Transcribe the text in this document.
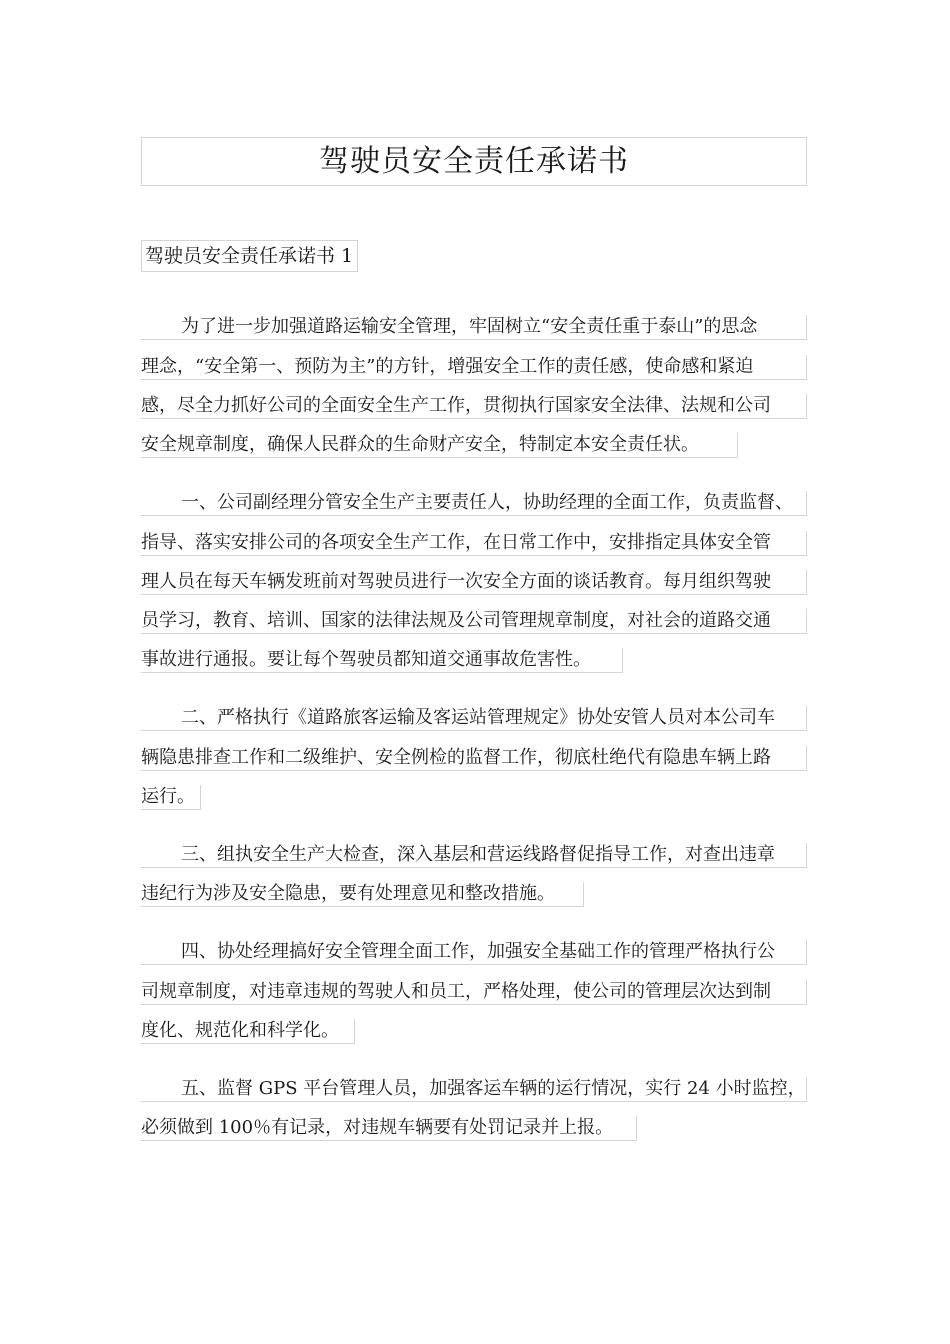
驾驶员安全责任承诺书
驾驶员安全责任承诺书 1
为了进一步加强道路运输安全管理，牢固树立“安全责任重于泰山”的思念
理念，“安全第一、预防为主”的方针，增强安全工作的责任感，使命感和紧迫
感，尽全力抓好公司的全面安全生产工作，贯彻执行国家安全法律、法规和公司
安全规章制度，确保人民群众的生命财产安全，特制定本安全责任状。
一、公司副经理分管安全生产主要责任人，协助经理的全面工作，负责监督、
指导、落实安排公司的各项安全生产工作，在日常工作中，安排指定具体安全管
理人员在每天车辆发班前对驾驶员进行一次安全方面的谈话教育。每月组织驾驶
员学习，教育、培训、国家的法律法规及公司管理规章制度，对社会的道路交通
事故进行通报。要让每个驾驶员都知道交通事故危害性。
二、严格执行《道路旅客运输及客运站管理规定》协处安管人员对本公司车
辆隐患排查工作和二级维护、安全例检的监督工作，彻底杜绝代有隐患车辆上路
运行。
三、组执安全生产大检查，深入基层和营运线路督促指导工作，对查出违章
违纪行为涉及安全隐患，要有处理意见和整改措施。
四、协处经理搞好安全管理全面工作，加强安全基础工作的管理严格执行公
司规章制度，对违章违规的驾驶人和员工，严格处理，使公司的管理层次达到制
度化、规范化和科学化。
五、监督 GPS 平台管理人员，加强客运车辆的运行情况，实行 24 小时监控，
必须做到 100％有记录，对违规车辆要有处罚记录并上报。
